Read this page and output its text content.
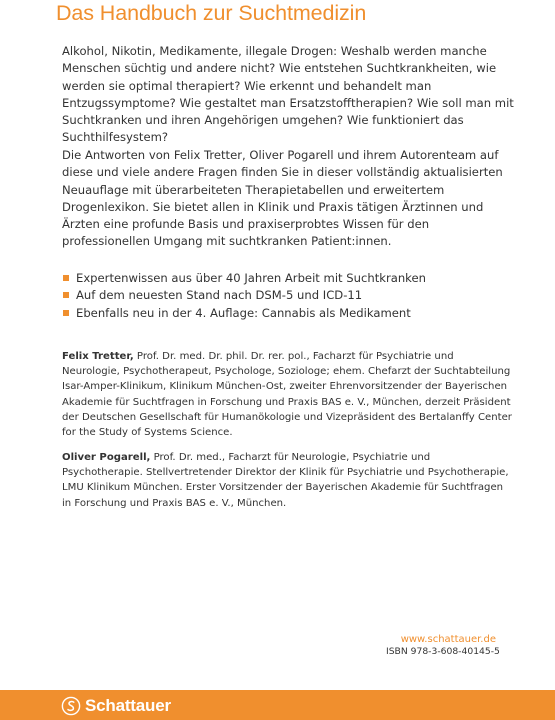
Das Handbuch zur Suchtmedizin

Alkohol, Nikotin, Medikamente, illegale Drogen: Weshalb werden manche Menschen süchtig und andere nicht? Wie entstehen Suchtkrankheiten, wie werden sie optimal therapiert? Wie erkennt und behandelt man Entzugssymptome? Wie gestaltet man Ersatzstofftherapien? Wie soll man mit Suchtkranken und ihren Angehörigen umgehen? Wie funktioniert das Suchthilfesystem?

Die Antworten von Felix Tretter, Oliver Pogarell und ihrem Autorenteam auf diese und viele andere Fragen finden Sie in dieser vollständig aktualisierten Neuauflage mit überarbeiteten Therapietabellen und erweitertem Drogenlexikon. Sie bietet allen in Klinik und Praxis tätigen Ärztinnen und Ärzten eine profunde Basis und praxiserprobtes Wissen für den professionellen Umgang mit suchtkranken Patient:innen.

Expertenwissen aus über 40 Jahren Arbeit mit Suchtkranken
Auf dem neuesten Stand nach DSM-5 und ICD-11
Ebenfalls neu in der 4. Auflage: Cannabis als Medikament

Felix Tretter, Prof. Dr. med. Dr. phil. Dr. rer. pol., Facharzt für Psychiatrie und Neurologie, Psychotherapeut, Psychologe, Soziologe; ehem. Chefarzt der Suchtabteilung Isar-Amper-Klinikum, Klinikum München-Ost, zweiter Ehrenvorsitzender der Bayerischen Akademie für Suchtfragen in Forschung und Praxis BAS e. V., München, derzeit Präsident der Deutschen Gesellschaft für Humanökologie und Vizepräsident des Bertalanffy Center for the Study of Systems Science.

Oliver Pogarell, Prof. Dr. med., Facharzt für Neurologie, Psychiatrie und Psychotherapie. Stellvertretender Direktor der Klinik für Psychiatrie und Psychotherapie, LMU Klinikum München. Erster Vorsitzender der Bayerischen Akademie für Suchtfragen in Forschung und Praxis BAS e. V., München.

www.schattauer.de
ISBN 978-3-608-40145-5
Schattauer
